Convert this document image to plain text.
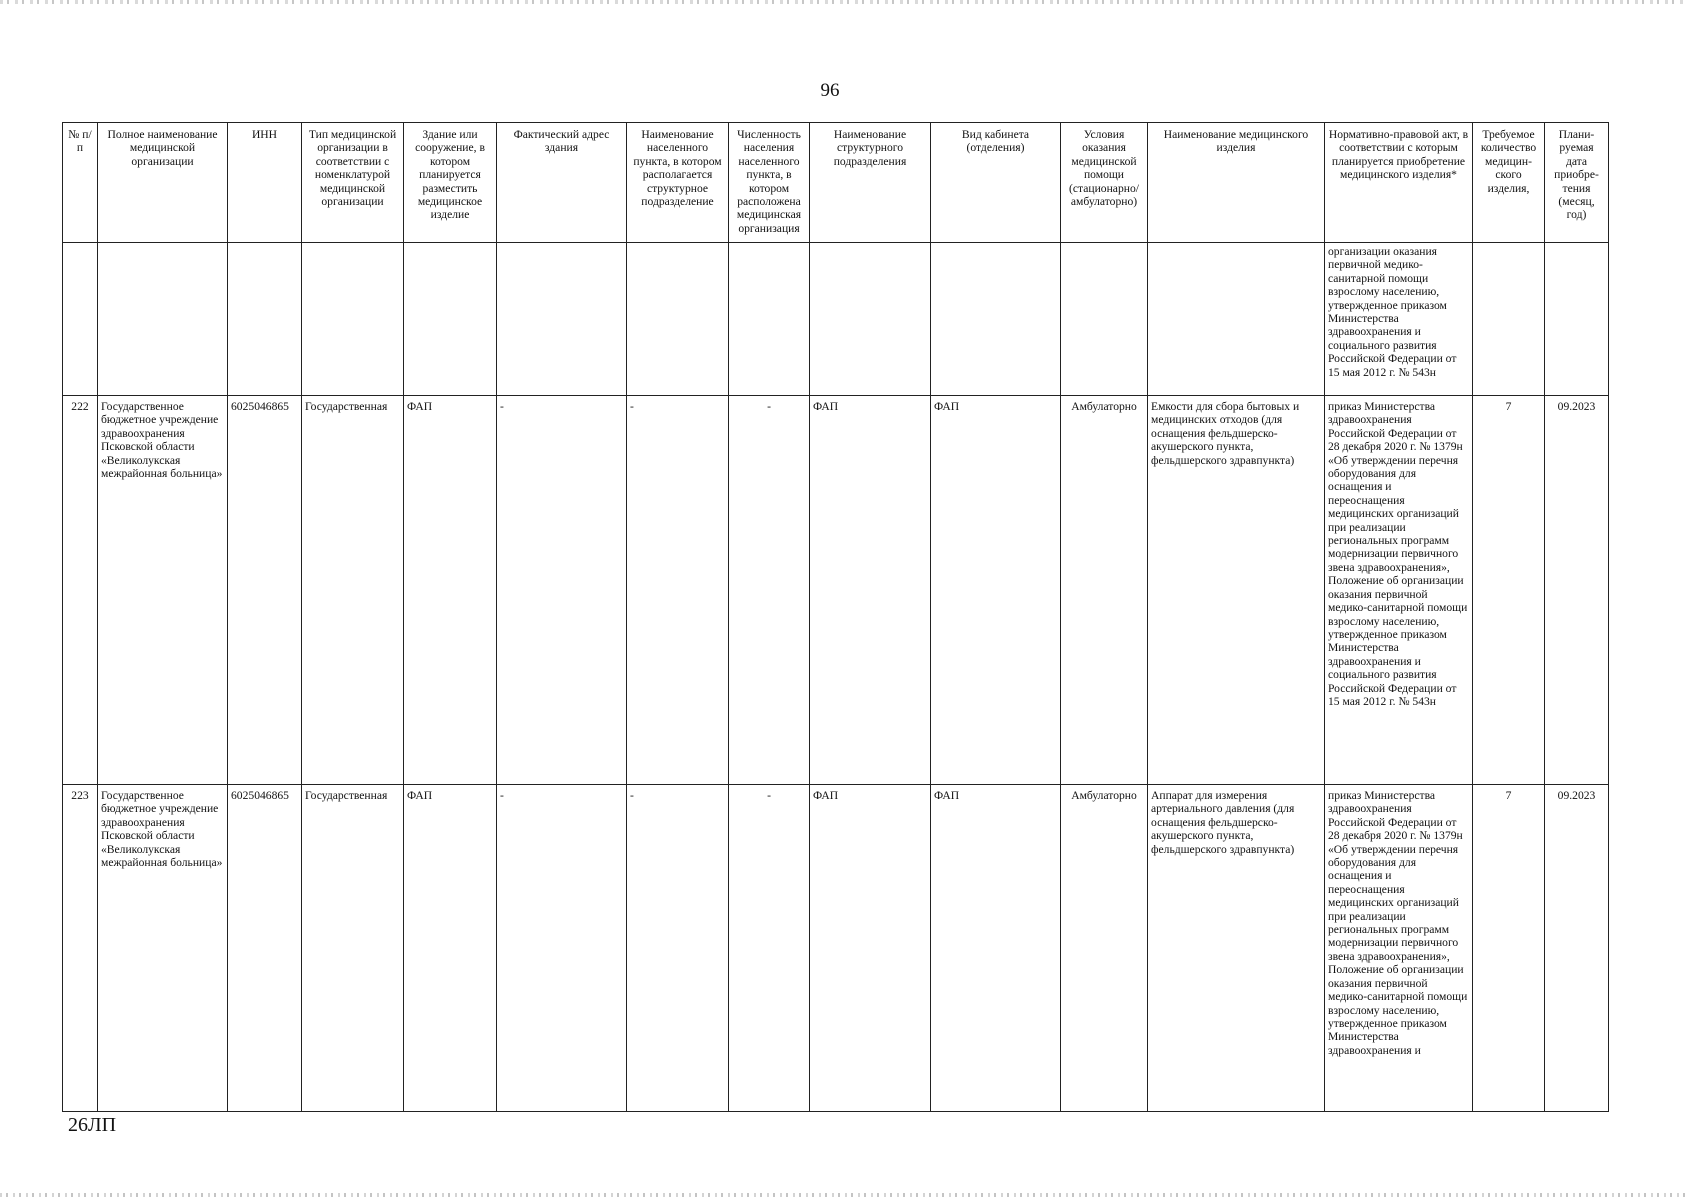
96
№ п/п	Полное наименование медицинской организации	ИНН	Тип медицинской организации в соответствии с номенклатурой медицинской организации	Здание или сооружение, в котором планируется разместить медицинское изделие	Фактический адрес здания	Наименование населенного пункта, в котором располагается структурное подразделение	Численность населения населенного пункта, в котором расположена медицинская организация	Наименование структурного подразделения	Вид кабинета (отделения)	Условия оказания медицинской помощи (стационарно/ амбулаторно)	Наименование медицинского изделия	Нормативно-правовой акт, в соответствии с которым планируется приобретение медицинского изделия*	Требуемое количество медицин-ского изделия,	Плани-руемая дата приобре-тения (месяц, год)
												организации оказания первичной медико-санитарной помощи взрослому населению, утвержденное приказом Министерства здравоохранения и социального развития Российской Федерации от 15 мая 2012 г. № 543н		
222	Государственное бюджетное учреждение здравоохранения Псковской области «Великолукская межрайонная больница»	6025046865	Государственная	ФАП	-	-	-	ФАП	ФАП	Амбулаторно	Емкости для сбора бытовых и медицинских отходов (для оснащения фельдшерско-акушерского пункта, фельдшерского здравпункта)	приказ Министерства здравоохранения Российской Федерации от 28 декабря 2020 г. № 1379н «Об утверждении перечня оборудования для оснащения и переоснащения медицинских организаций при реализации региональных программ модернизации первичного звена здравоохранения», Положение об организации оказания первичной медико-санитарной помощи взрослому населению, утвержденное приказом Министерства здравоохранения и социального развития Российской Федерации от 15 мая 2012 г. № 543н	7	09.2023
223	Государственное бюджетное учреждение здравоохранения Псковской области «Великолукская межрайонная больница»	6025046865	Государственная	ФАП	-	-	-	ФАП	ФАП	Амбулаторно	Аппарат для измерения артериального давления (для оснащения фельдшерско-акушерского пункта, фельдшерского здравпункта)	приказ Министерства здравоохранения Российской Федерации от 28 декабря 2020 г. № 1379н «Об утверждении перечня оборудования для оснащения и переоснащения медицинских организаций при реализации региональных программ модернизации первичного звена здравоохранения», Положение об организации оказания первичной медико-санитарной помощи взрослому населению, утвержденное приказом Министерства здравоохранения и	7	09.2023
26ЛП
